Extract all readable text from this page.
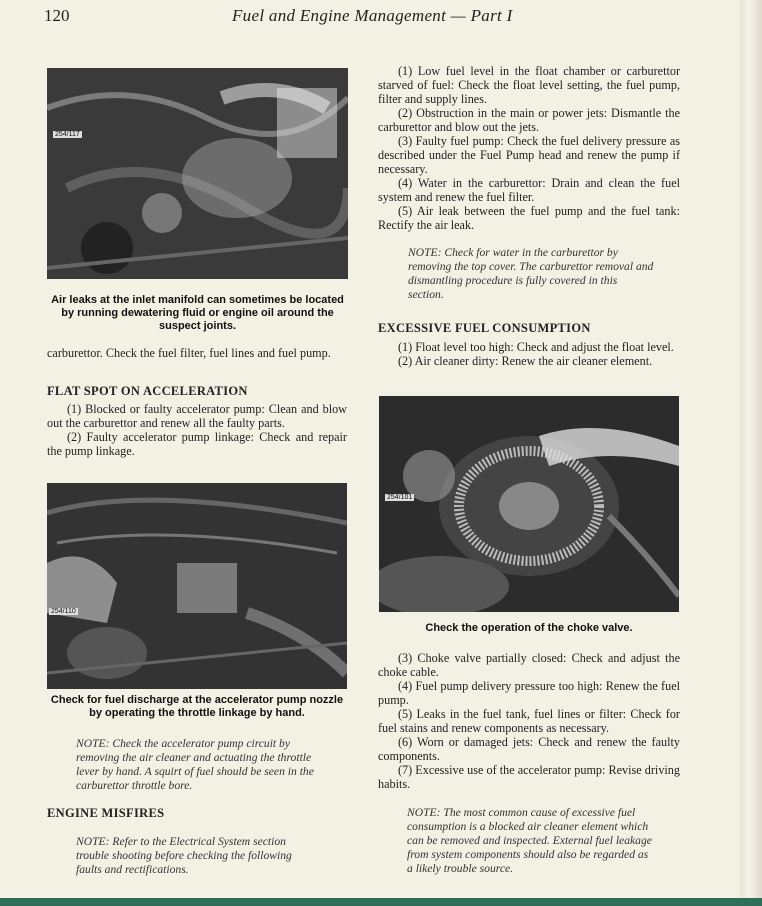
120	Fuel and Engine Management — Part I
254/117
Air leaks at the inlet manifold can sometimes be located by running dewatering fluid or engine oil around the suspect joints.

carburettor. Check the fuel filter, fuel lines and fuel pump.

FLAT SPOT ON ACCELERATION

(1) Blocked or faulty accelerator pump: Clean and blow out the carburettor and renew all the faulty parts.

(2) Faulty accelerator pump linkage: Check and repair the pump linkage.

254/110
Check for fuel discharge at the accelerator pump nozzle by operating the throttle linkage by hand.
NOTE: Check the accelerator pump circuit by removing the air cleaner and actuating the throttle lever by hand. A squirt of fuel should be seen in the carburettor throttle bore.
ENGINE MISFIRES
NOTE: Refer to the Electrical System section trouble shooting before checking the following faults and rectifications.

(1) Low fuel level in the float chamber or carburettor starved of fuel: Check the float level setting, the fuel pump, filter and supply lines.

(2) Obstruction in the main or power jets: Dismantle the carburettor and blow out the jets.

(3) Faulty fuel pump: Check the fuel delivery pressure as described under the Fuel Pump head and renew the pump if necessary.

(4) Water in the carburettor: Drain and clean the fuel system and renew the fuel filter.

(5) Air leak between the fuel pump and the fuel tank: Rectify the air leak.

NOTE: Check for water in the carburettor by removing the top cover. The carburettor removal and dismantling procedure is fully covered in this section.
EXCESSIVE FUEL CONSUMPTION

(1) Float level too high: Check and adjust the float level.

(2) Air cleaner dirty: Renew the air cleaner element.

254/101
Check the operation of the choke valve.

(3) Choke valve partially closed: Check and adjust the choke cable.

(4) Fuel pump delivery pressure too high: Renew the fuel pump.

(5) Leaks in the fuel tank, fuel lines or filter: Check for fuel stains and renew components as necessary.

(6) Worn or damaged jets: Check and renew the faulty components.

(7) Excessive use of the accelerator pump: Revise driving habits.

NOTE: The most common cause of excessive fuel consumption is a blocked air cleaner element which can be removed and inspected. External fuel leakage from system components should also be regarded as a likely trouble source.
